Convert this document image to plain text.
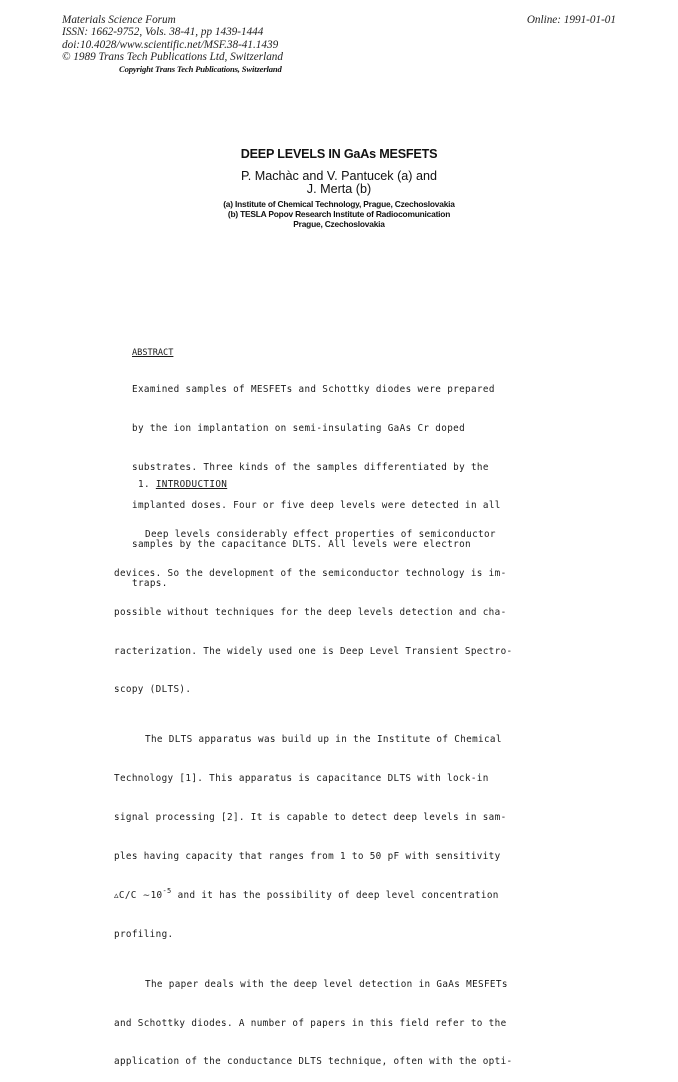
Materials Science Forum
ISSN: 1662-9752, Vols. 38-41, pp 1439-1444
doi:10.4028/www.scientific.net/MSF.38-41.1439
© 1989 Trans Tech Publications Ltd, Switzerland
Online: 1991-01-01
Copyright Trans Tech Publications, Switzerland
DEEP LEVELS IN GaAs MESFETS
P. Machàc and V. Pantucek (a) and
J. Merta (b)
(a) Institute of Chemical Technology, Prague, Czechoslovakia
(b) TESLA Popov Research Institute of Radiocomunication
Prague, Czechoslovakia

ABSTRACT

Examined samples of MESFETs and Schottky diodes were prepared

by the ion implantation on semi-insulating GaAs Cr doped

substrates. Three kinds of the samples differentiated by the

implanted doses. Four or five deep levels were detected in all

samples by the capacitance DLTS. All levels were electron

traps.

1. INTRODUCTION

Deep levels considerably effect properties of semiconductor

devices. So the development of the semiconductor technology is im-

possible without techniques for the deep levels detection and cha-

racterization. The widely used one is Deep Level Transient Spectro-

scopy (DLTS).

The DLTS apparatus was build up in the Institute of Chemical

Technology [1]. This apparatus is capacitance DLTS with lock-in

signal processing [2]. It is capable to detect deep levels in sam-

ples having capacity that ranges from 1 to 50 pF with sensitivity

▵C/C $\sim 10^{-5}$ and it has the possibility of deep level concentration

profiling.

The paper deals with the deep level detection in GaAs MESFETs

and Schottky diodes. A number of papers in this field refer to the

application of the conductance DLTS technique, often with the opti-
